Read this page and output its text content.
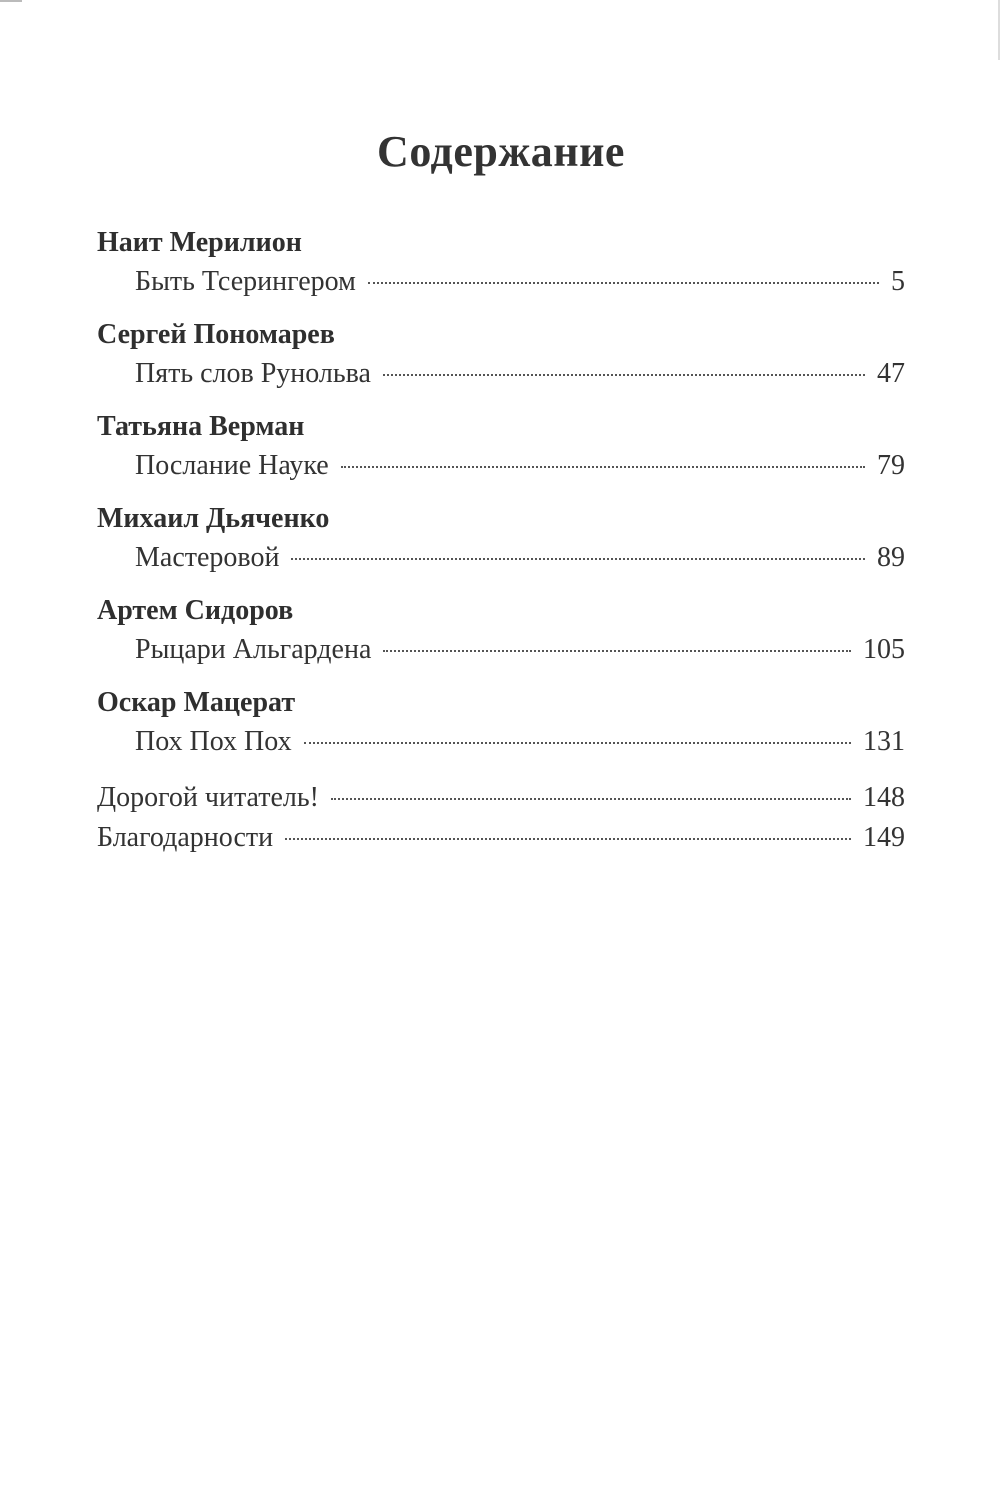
Содержание
Наит Мерилион
Быть Тсерингером	5
Сергей Пономарев
Пять слов Рунольва	47
Татьяна Верман
Послание Науке	79
Михаил Дьяченко
Мастеровой	89
Артем Сидоров
Рыцари Альгардена	105
Оскар Мацерат
Пох Пох Пох	131
Дорогой читатель!	148
Благодарности	149
